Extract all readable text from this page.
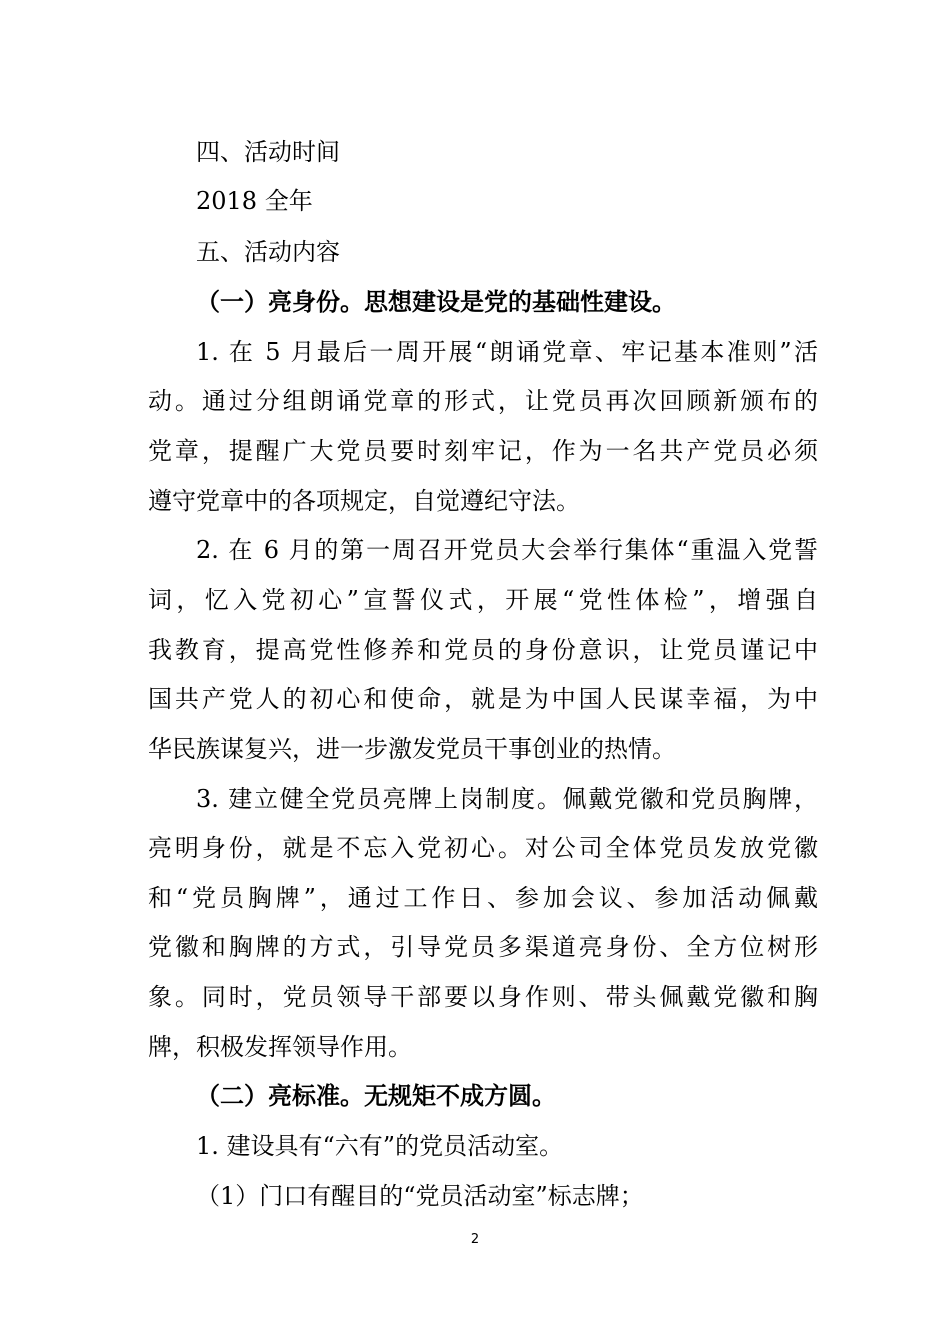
四、活动时间
2018 全年
五、活动内容
（一）亮身份。思想建设是党的基础性建设。
1. 在 5 月最后一周开展“朗诵党章、牢记基本准则”活
动。通过分组朗诵党章的形式，让党员再次回顾新颁布的
党章，提醒广大党员要时刻牢记，作为一名共产党员必须
遵守党章中的各项规定，自觉遵纪守法。
2. 在 6 月的第一周召开党员大会举行集体“重温入党誓
词，忆入党初心”宣誓仪式，开展“党性体检”，增强自
我教育，提高党性修养和党员的身份意识，让党员谨记中
国共产党人的初心和使命，就是为中国人民谋幸福，为中
华民族谋复兴，进一步激发党员干事创业的热情。
3. 建立健全党员亮牌上岗制度。佩戴党徽和党员胸牌，
亮明身份，就是不忘入党初心。对公司全体党员发放党徽
和“党员胸牌”，通过工作日、参加会议、参加活动佩戴
党徽和胸牌的方式，引导党员多渠道亮身份、全方位树形
象。同时，党员领导干部要以身作则、带头佩戴党徽和胸
牌，积极发挥领导作用。
（二）亮标准。无规矩不成方圆。
1. 建设具有“六有”的党员活动室。
（1）门口有醒目的“党员活动室”标志牌；
2
